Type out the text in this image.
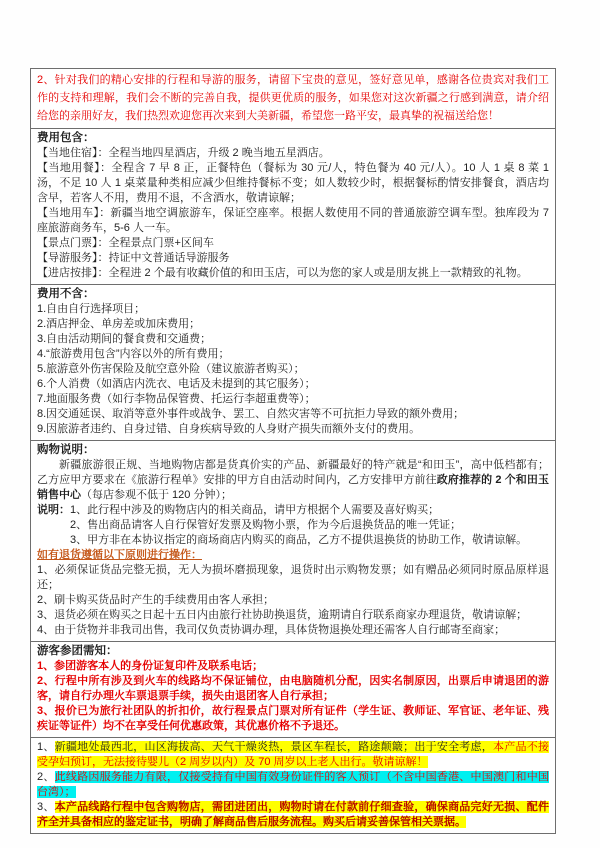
2、针对我们的精心安排的行程和导游的服务，请留下宝贵的意见，签好意见单，感谢各位贵宾对我们工作的支持和理解，我们会不断的完善自我，提供更优质的服务，如果您对这次新疆之行感到满意，请介绍给您的亲朋好友，我们热烈欢迎您再次来到大美新疆，希望您一路平安，最真挚的祝福送给您！
费用包含：
【当地住宿】：全程当地四星酒店，升级 2 晚当地五星酒店。
【当地用餐】：全程含 7 早 8 正，正餐特色（餐标为 30 元/人，特色餐为 40 元/人）。10 人 1 桌 8 菜 1 汤，不足 10 人 1 桌菜量种类相应减少但维持餐标不变；如人数较少时，根据餐标酌情安排餐食，酒店均含早，若客人不用，费用不退，不含酒水，敬请谅解；
【当地用车】：新疆当地空调旅游车，保证空座率。根据人数使用不同的普通旅游空调车型。独库段为 7 座旅游商务车，5-6 人一车。
【景点门票】：全程景点门票+区间车
【导游服务】：持证中文普通话导游服务
【进店按排】：全程进 2 个最有收藏价值的和田玉店，可以为您的家人或是朋友挑上一款精致的礼物。
费用不含：
1.自由自行选择项目；
2.酒店押金、单房差或加床费用；
3.自由活动期间的餐食费和交通费；
4.“旅游费用包含”内容以外的所有费用；
5.旅游意外伤害保险及航空意外险（建议旅游者购买）；
6.个人消费（如酒店内洗衣、电话及未提到的其它服务）；
7.地面服务费（如行李物品保管费、托运行李超重费等）；
8.因交通延误、取消等意外事件或战争、罢工、自然灾害等不可抗拒力导致的额外费用；
9.因旅游者违约、自身过错、自身疾病导致的人身财产损失而额外支付的费用。
购物说明：
新疆旅游很正规、当地购物店都是货真价实的产品、新疆最好的特产就是“和田玉”，高中低档都有；乙方应甲方要求在《旅游行程单》安排的甲方自由活动时间内，乙方安排甲方前往政府推荐的 2 个和田玉销售中心（每店参观不低于 120 分钟）；
说明：1、此行程中涉及的购物店内的相关商品，请甲方根据个人需要及喜好购买；
2、售出商品请客人自行保管好发票及购物小票，作为今后退换货品的唯一凭证；
3、甲方非在本协议指定的商场商店内购买的商品，乙方不提供退换货的协助工作，敬请谅解。
如有退货遵循以下原则进行操作：
1、必须保证货品完整无损，无人为损坏磨损现象，退货时出示购物发票；如有赠品必须同时原品原样退还；
2、刷卡购买货品时产生的手续费用由客人承担；
3、退货必须在购买之日起十五日内由旅行社协助换退货，逾期请自行联系商家办理退货，敬请谅解；
4、由于货物并非我司出售，我司仅负责协调办理，具体货物退换处理还需客人自行邮寄至商家；
游客参团需知：
1、参团游客本人的身份证复印件及联系电话；
2、行程中所有涉及到火车的线路均不保证铺位，由电脑随机分配，因实名制原因，出票后申请退团的游客，请自行办理火车票退票手续，损失由退团客人自行承担；
3、报价已为旅行社团队的折扣价，故行程景点门票对所有证件（学生证、教师证、军官证、老年证、残疾证等证件）均不在享受任何优惠政策，其优惠价格不予退还。
1、新疆地处最西北，山区海拔高、天气干燥炎热，景区车程长，路途颠簸；出于安全考虑，本产品不接受孕妇预订，无法接待婴儿（2 周岁以内）及 70 周岁以上老人出行。敬请谅解！
2、此线路因服务能力有限，仅接受持有中国有效身份证件的客人预订（不含中国香港、中国澳门和中国台湾）；
3、本产品线路行程中包含购物店，需团进团出，购物时请在付款前仔细查验，确保商品完好无损、配件齐全并具备相应的鉴定证书，明确了解商品售后服务流程。购买后请妥善保管相关票据。
